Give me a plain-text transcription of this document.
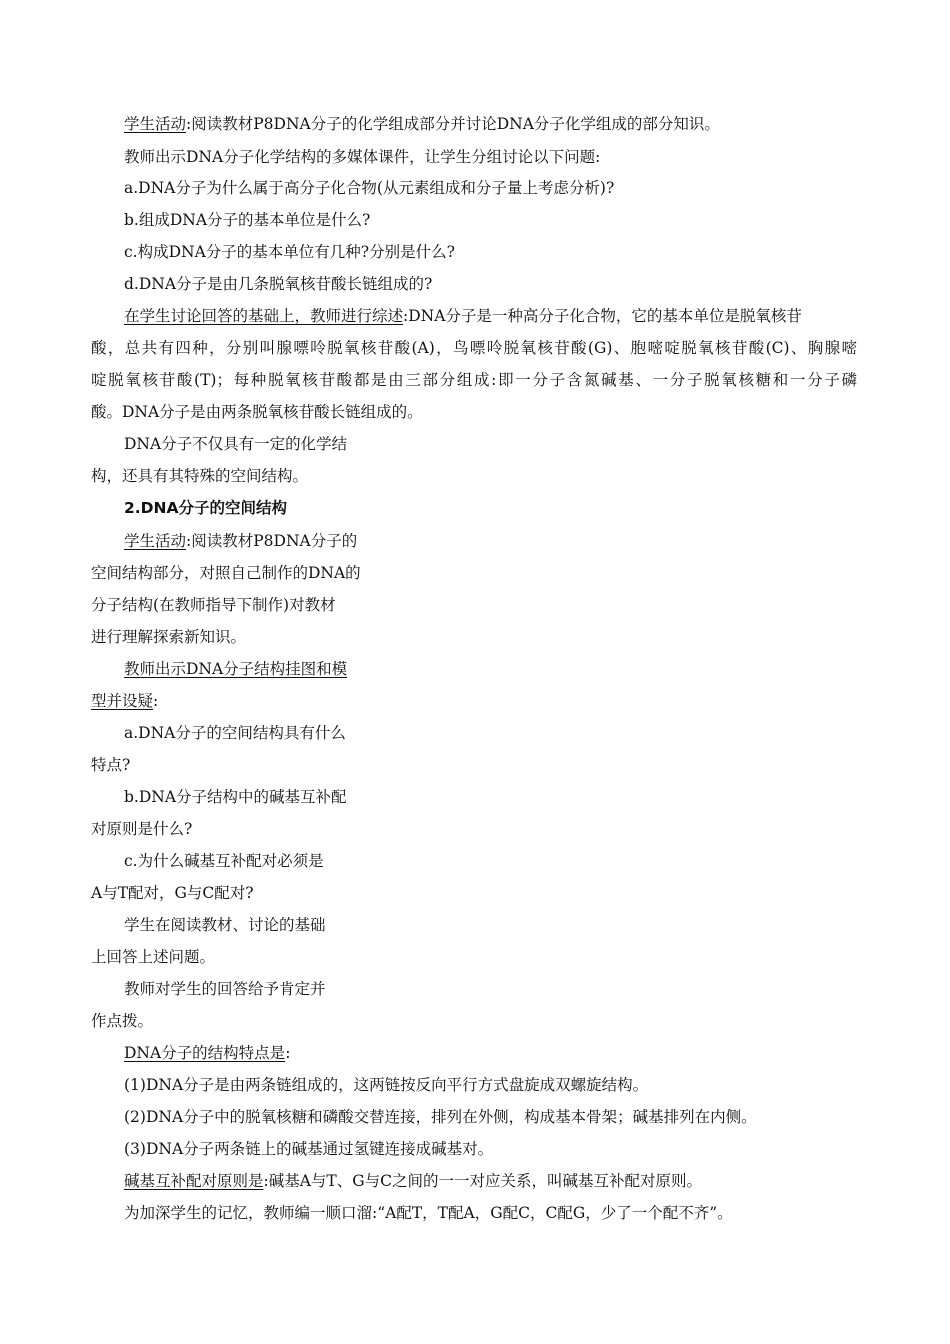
学生活动:阅读教材P8DNA分子的化学组成部分并讨论DNA分子化学组成的部分知识。
教师出示DNA分子化学结构的多媒体课件，让学生分组讨论以下问题:
a.DNA分子为什么属于高分子化合物(从元素组成和分子量上考虑分析)?
b.组成DNA分子的基本单位是什么?
c.构成DNA分子的基本单位有几种?分别是什么?
d.DNA分子是由几条脱氧核苷酸长链组成的?
在学生讨论回答的基础上，教师进行综述:DNA分子是一种高分子化合物，它的基本单位是脱氧核苷
酸，总共有四种，分别叫腺嘌呤脱氧核苷酸(A)，鸟嘌呤脱氧核苷酸(G)、胞嘧啶脱氧核苷酸(C)、胸腺嘧
啶脱氧核苷酸(T)；每种脱氧核苷酸都是由三部分组成:即一分子含氮碱基、一分子脱氧核糖和一分子磷
酸。DNA分子是由两条脱氧核苷酸长链组成的。
DNA分子不仅具有一定的化学结
构，还具有其特殊的空间结构。
2.DNA分子的空间结构
学生活动:阅读教材P8DNA分子的
空间结构部分，对照自己制作的DNA的
分子结构(在教师指导下制作)对教材
进行理解探索新知识。
教师出示DNA分子结构挂图和模
型并设疑:
a.DNA分子的空间结构具有什么
特点?
b.DNA分子结构中的碱基互补配
对原则是什么?
c.为什么碱基互补配对必须是
A与T配对，G与C配对?
学生在阅读教材、讨论的基础
上回答上述问题。
教师对学生的回答给予肯定并
作点拨。
DNA分子的结构特点是:
(1)DNA分子是由两条链组成的，这两链按反向平行方式盘旋成双螺旋结构。
(2)DNA分子中的脱氧核糖和磷酸交替连接，排列在外侧，构成基本骨架；碱基排列在内侧。
(3)DNA分子两条链上的碱基通过氢键连接成碱基对。
碱基互补配对原则是:碱基A与T、G与C之间的一一对应关系，叫碱基互补配对原则。
为加深学生的记忆，教师编一顺口溜:“A配T，T配A，G配C，C配G，少了一个配不齐”。
